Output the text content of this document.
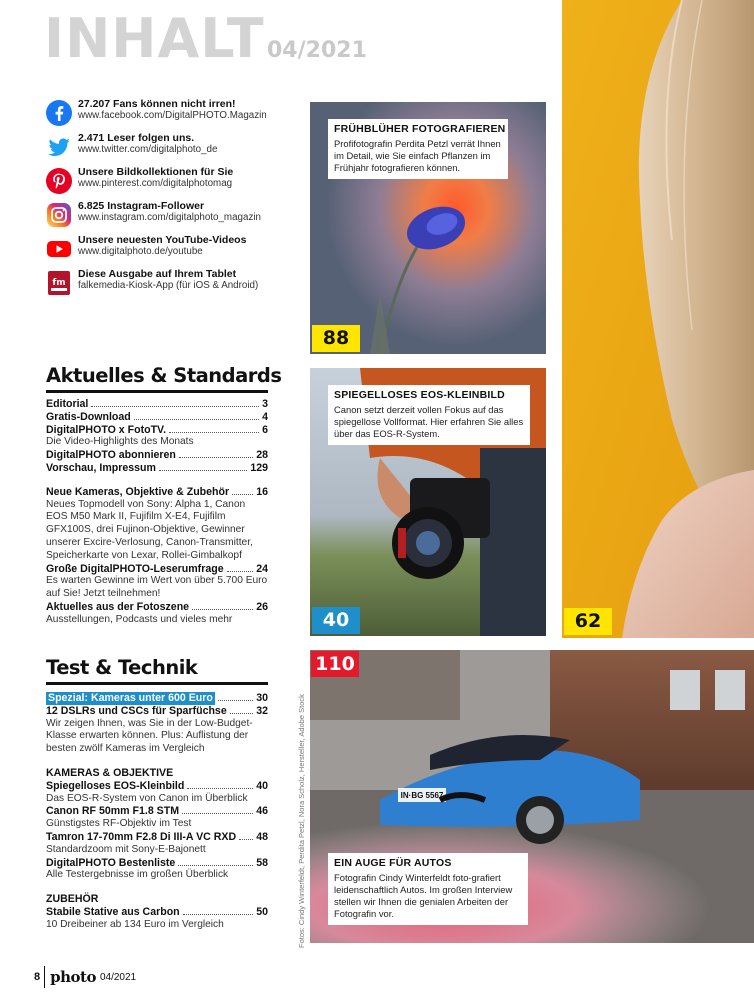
INHALT 04/2021
27.207 Fans können nicht irren!
www.facebook.com/DigitalPHOTO.Magazin
2.471 Leser folgen uns.
www.twitter.com/digitalphoto_de
Unsere Bildkollektionen für Sie
www.pinterest.com/digitalphotomag
6.825 Instagram-Follower
www.instagram.com/digitalphoto_magazin
Unsere neuesten YouTube-Videos
www.digitalphoto.de/youtube
fm
Diese Ausgabe auf Ihrem Tablet
falkemedia-Kiosk-App (für iOS & Android)
Aktuelles & Standards
Editorial	3
Gratis-Download	4
DigitalPHOTO x FotoTV.	6
Die Video-Highlights des Monats
DigitalPHOTO abonnieren	28
Vorschau, Impressum	129
Neue Kameras, Objektive & Zubehör	16
Neues Topmodell von Sony: Alpha 1, Canon EOS M50 Mark II, Fujifilm X-E4, Fujifilm GFX100S, drei Fujinon-Objektive, Gewinner unserer Excire-Verlosung, Canon-Transmitter, Speicherkarte von Lexar, Rollei-Gimbalkopf
Große DigitalPHOTO-Leserumfrage	24
Es warten Gewinne im Wert von über 5.700 Euro auf Sie! Jetzt teilnehmen!
Aktuelles aus der Fotoszene	26
Ausstellungen, Podcasts und vieles mehr
Test & Technik
Spezial: Kameras unter 600 Euro	30
12 DSLRs und CSCs für Sparfüchse	32
Wir zeigen Ihnen, was Sie in der Low-Budget-Klasse erwarten können. Plus: Auflistung der besten zwölf Kameras im Vergleich
KAMERAS & OBJEKTIVE
Spiegelloses EOS-Kleinbild	40
Das EOS-R-System von Canon im Überblick
Canon RF 50mm F1.8 STM	46
Günstigstes RF-Objektiv im Test
Tamron 17-70mm F2.8 Di III-A VC RXD 48
Standardzoom mit Sony-E-Bajonett
DigitalPHOTO Bestenliste	58
Alle Testergebnisse im großen Überblick
ZUBEHÖR
Stabile Stative aus Carbon	50
10 Dreibeiner ab 134 Euro im Vergleich
62
FRÜHBLÜHER FOTOGRAFIEREN
Profifotografin Perdita Petzl verrät Ihnen im Detail, wie Sie einfach Pflanzen im Frühjahr fotografieren können.
88
SPIEGELLOSES EOS-KLEINBILD
Canon setzt derzeit vollen Fokus auf das spiegellose Vollformat. Hier erfahren Sie alles über das EOS-R-System.
40
IN·BG 5567
110
EIN AUGE FÜR AUTOS
Fotografin Cindy Winterfeldt foto-grafiert leidenschaftlich Autos. Im großen Interview stellen wir Ihnen die genialen Arbeiten der Fotografin vor.
Fotos: Cindy Winterfeldt, Perdita Petzl, Nora Scholz, Hersteller, Adobe Stock
8 photo 04/2021
